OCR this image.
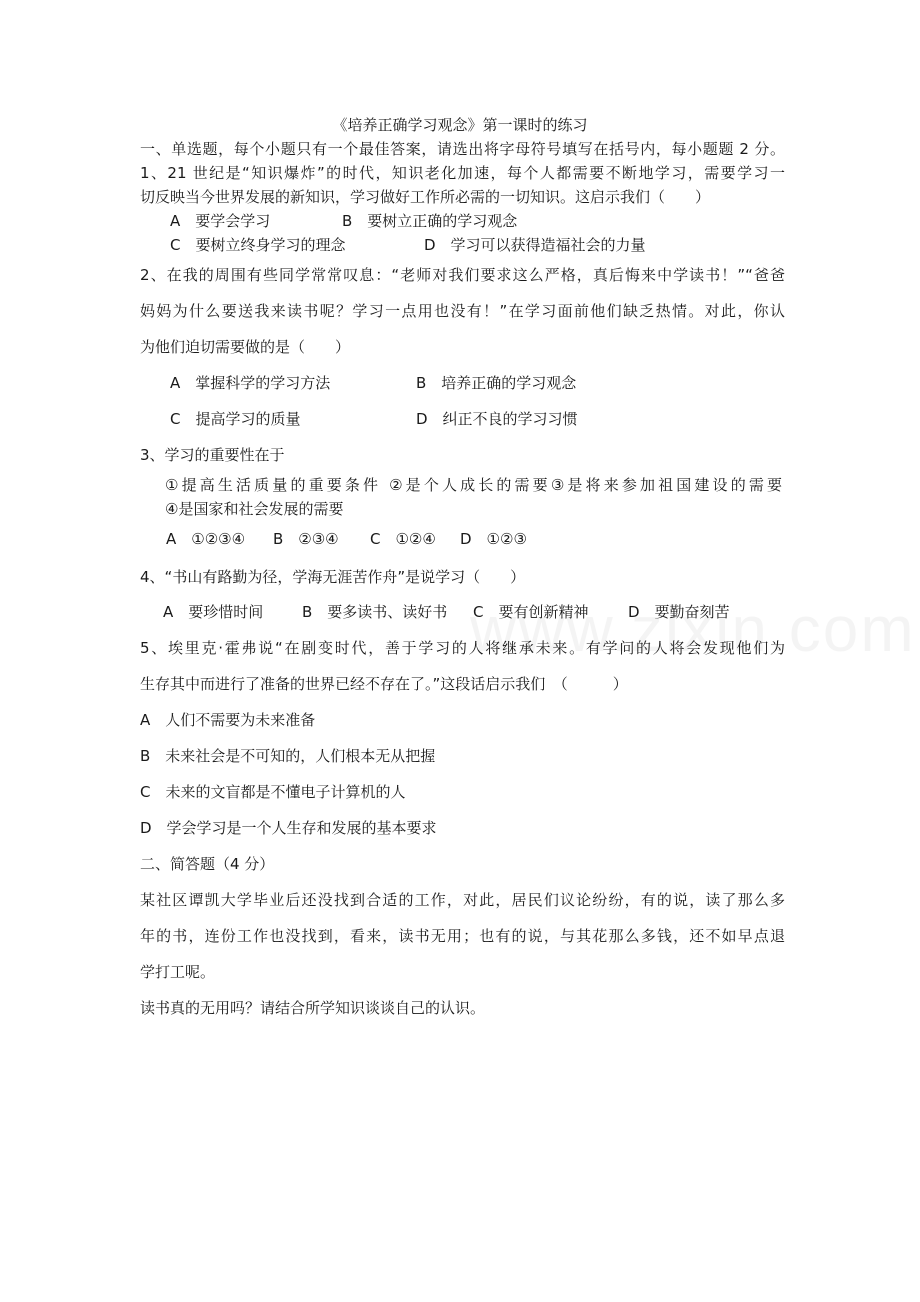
《培养正确学习观念》第一课时的练习
一、单选题，每个小题只有一个最佳答案，请选出将字母符号填写在括号内，每小题题 2 分。
1、21 世纪是“知识爆炸”的时代，知识老化加速，每个人都需要不断地学习，需要学习一
切反映当今世界发展的新知识，学习做好工作所必需的一切知识。这启示我们（　　）
A　要学会学习	B　要树立正确的学习观念
C　要树立终身学习的理念	D　学习可以获得造福社会的力量
2、在我的周围有些同学常常叹息：“老师对我们要求这么严格，真后悔来中学读书！”“爸爸
妈妈为什么要送我来读书呢？学习一点用也没有！”在学习面前他们缺乏热情。对此，你认
为他们迫切需要做的是（　　）
A　掌握科学的学习方法	B　培养正确的学习观念
C　提高学习的质量	D　纠正不良的学习习惯
3、学习的重要性在于
①提高生活质量的重要条件 ②是个人成长的需要③是将来参加祖国建设的需要
④是国家和社会发展的需要
A　①②③④ B　②③④ C　①②④ D　①②③
4、“书山有路勤为径，学海无涯苦作舟”是说学习（　　）
A　要珍惜时间	B　要多读书、读好书 C　要有创新精神	D　要勤奋刻苦
5、埃里克·霍弗说“在剧变时代，善于学习的人将继承未来。有学问的人将会发现他们为
生存其中而进行了准备的世界已经不存在了。”这段话启示我们　（　　　）
A　人们不需要为未来准备
B　未来社会是不可知的，人们根本无从把握
C　未来的文盲都是不懂电子计算机的人
D　学会学习是一个人生存和发展的基本要求
二、简答题（4 分）
某社区谭凯大学毕业后还没找到合适的工作，对此，居民们议论纷纷，有的说，读了那么多
年的书，连份工作也没找到，看来，读书无用；也有的说，与其花那么多钱，还不如早点退
学打工呢。
读书真的无用吗？请结合所学知识谈谈自己的认识。
